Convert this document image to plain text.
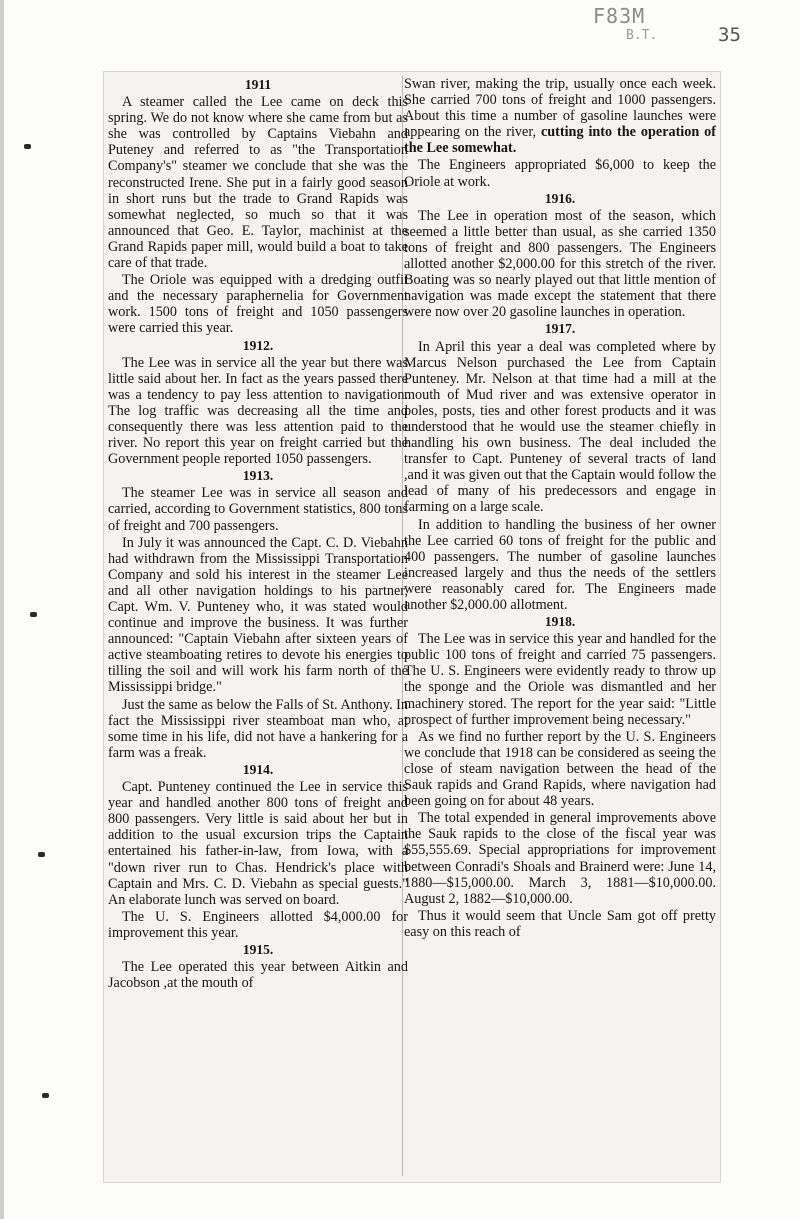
F83M
B.T.	35
1911

A steamer called the Lee came on deck this spring. We do not know where she came from but as she was controlled by Captains Viebahn and Puteney and referred to as "the Transportation Company's" steamer we conclude that she was the reconstructed Irene. She put in a fairly good season in short runs but the trade to Grand Rapids was somewhat neglected, so much so that it was announced that Geo. E. Taylor, machinist at the Grand Rapids paper mill, would build a boat to take care of that trade.

The Oriole was equipped with a dredging outfit and the necessary paraphernelia for Government work. 1500 tons of freight and 1050 passengers were carried this year.

1912.

The Lee was in service all the year but there was little said about her. In fact as the years passed there was a tendency to pay less attention to navigation. The log traffic was decreasing all the time and consequently there was less attention paid to the river. No report this year on freight carried but the Government people reported 1050 passengers.

1913.

The steamer Lee was in service all season and carried, according to Government statistics, 800 tons of freight and 700 passengers.

In July it was announced the Capt. C. D. Viebahn had withdrawn from the Mississippi Transportation Company and sold his interest in the steamer Lee and all other navigation holdings to his partner, Capt. Wm. V. Punteney who, it was stated would continue and improve the business. It was further announced: "Captain Viebahn after sixteen years of active steamboating retires to devote his energies to tilling the soil and will work his farm north of the Mississippi bridge."

Just the same as below the Falls of St. Anthony. In fact the Mississippi river steamboat man who, at some time in his life, did not have a hankering for a farm was a freak.

1914.

Capt. Punteney continued the Lee in service this year and handled another 800 tons of freight and 800 passengers. Very little is said about her but in addition to the usual excursion trips the Captain entertained his father-in-law, from Iowa, with a "down river run to Chas. Hendrick's place with Captain and Mrs. C. D. Viebahn as special guests." An elaborate lunch was served on board.

The U. S. Engineers allotted $4,000.00 for improvement this year.

1915.

The Lee operated this year between Aitkin and Jacobson ,at the mouth of

Swan river, making the trip, usually once each week. She carried 700 tons of freight and 1000 passengers. About this time a number of gasoline launches were appearing on the river, cutting into the operation of the Lee somewhat.

The Engineers appropriated $6,000 to keep the Oriole at work.

1916.

The Lee in operation most of the season, which seemed a little better than usual, as she carried 1350 tons of freight and 800 passengers. The Engineers allotted another $2,000.00 for this stretch of the river. Boating was so nearly played out that little mention of navigation was made except the statement that there were now over 20 gasoline launches in operation.

1917.

In April this year a deal was completed where by Marcus Nelson purchased the Lee from Captain Punteney. Mr. Nelson at that time had a mill at the mouth of Mud river and was extensive operator in poles, posts, ties and other forest products and it was understood that he would use the steamer chiefly in handling his own business. The deal included the transfer to Capt. Punteney of several tracts of land ,and it was given out that the Captain would follow the lead of many of his predecessors and engage in farming on a large scale.

In addition to handling the business of her owner the Lee carried 60 tons of freight for the public and 400 passengers. The number of gasoline launches increased largely and thus the needs of the settlers were reasonably cared for. The Engineers made another $2,000.00 allotment.

1918.

The Lee was in service this year and handled for the public 100 tons of freight and carried 75 passengers. The U. S. Engineers were evidently ready to throw up the sponge and the Oriole was dismantled and her machinery stored. The report for the year said: "Little prospect of further improvement being necessary."

As we find no further report by the U. S. Engineers we conclude that 1918 can be considered as seeing the close of steam navigation between the head of the Sauk rapids and Grand Rapids, where navigation had been going on for about 48 years.

The total expended in general improvements above the Sauk rapids to the close of the fiscal year was $55,555.69. Special appropriations for improvement between Conradi's Shoals and Brainerd were: June 14, 1880—$15,000.00. March 3, 1881—$10,000.00. August 2, 1882—$10,000.00.

Thus it would seem that Uncle Sam got off pretty easy on this reach of
